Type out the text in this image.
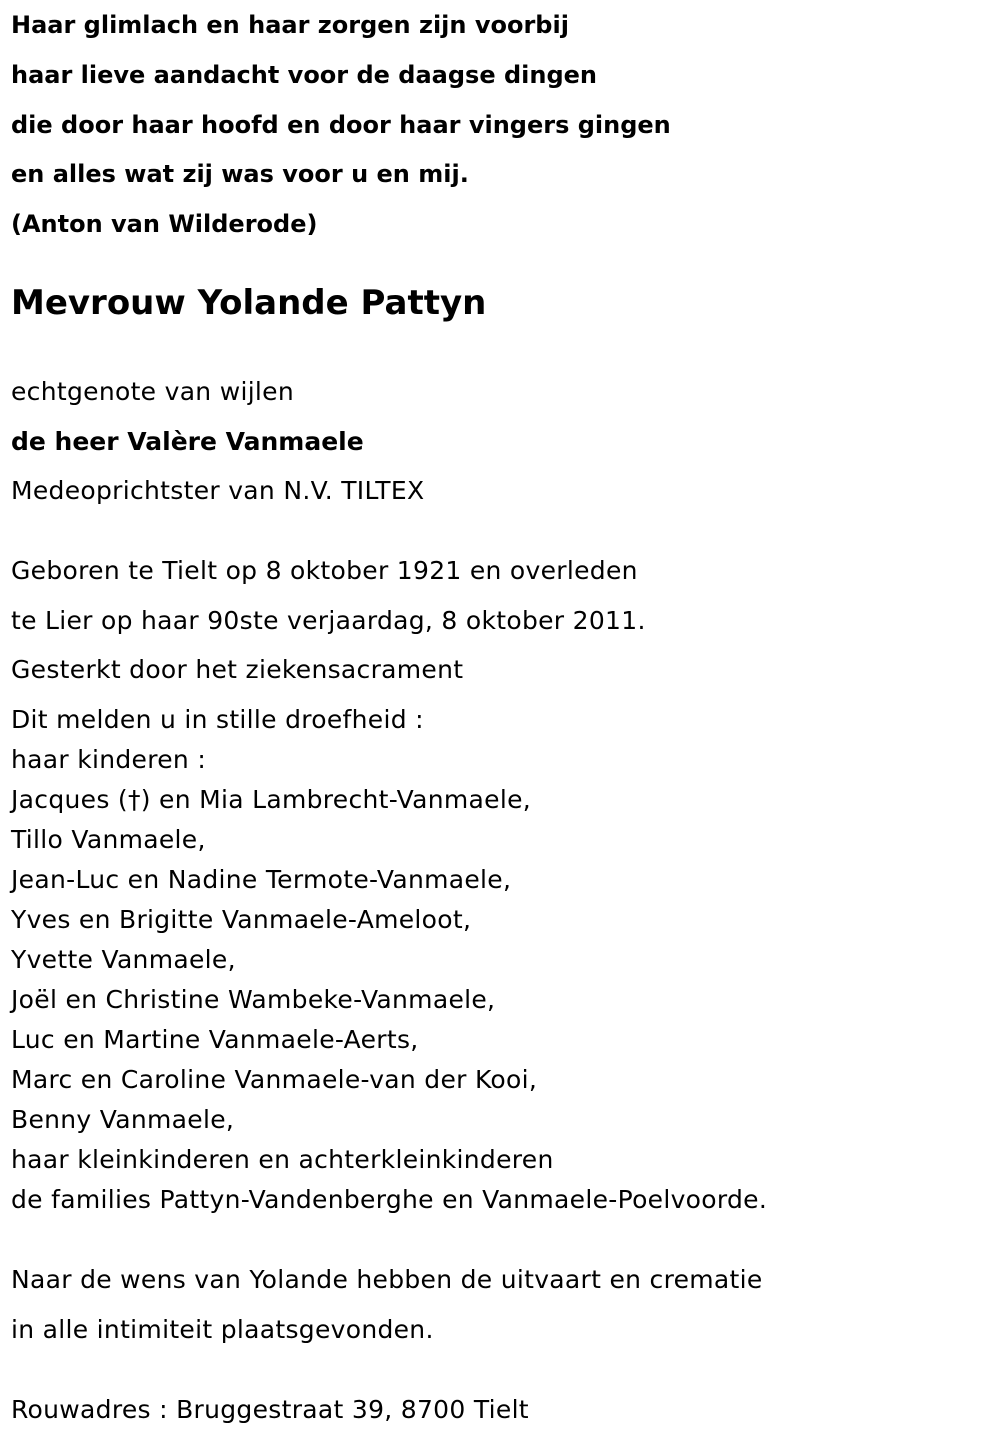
Haar glimlach en haar zorgen zijn voorbij
haar lieve aandacht voor de daagse dingen
die door haar hoofd en door haar vingers gingen
en alles wat zij was voor u en mij.
(Anton van Wilderode)
Mevrouw Yolande Pattyn
echtgenote van wijlen
de heer Valère Vanmaele
Medeoprichtster van N.V. TILTEX
Geboren te Tielt op 8 oktober 1921 en overleden
te Lier op haar 90ste verjaardag, 8 oktober 2011.
Gesterkt door het ziekensacrament
Dit melden u in stille droefheid :
haar kinderen :
Jacques (†) en Mia Lambrecht-Vanmaele,
Tillo Vanmaele,
Jean-Luc en Nadine Termote-Vanmaele,
Yves en Brigitte Vanmaele-Ameloot,
Yvette Vanmaele,
Joël en Christine Wambeke-Vanmaele,
Luc en Martine Vanmaele-Aerts,
Marc en Caroline Vanmaele-van der Kooi,
Benny Vanmaele,
haar kleinkinderen en achterkleinkinderen
de families Pattyn-Vandenberghe en Vanmaele-Poelvoorde.
Naar de wens van Yolande hebben de uitvaart en crematie
in alle intimiteit plaatsgevonden.
Rouwadres : Bruggestraat 39, 8700 Tielt
